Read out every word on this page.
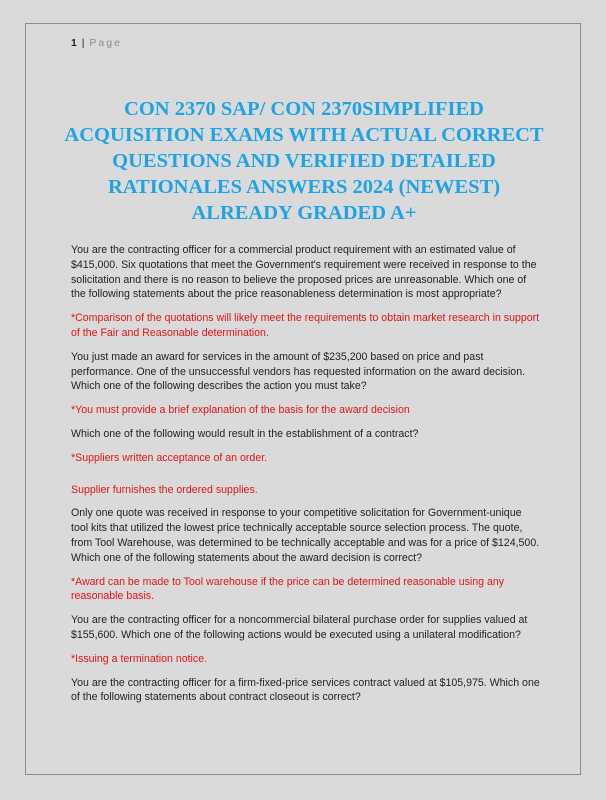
1 | Page
CON 2370 SAP/ CON 2370SIMPLIFIED ACQUISITION EXAMS WITH ACTUAL CORRECT QUESTIONS AND VERIFIED DETAILED RATIONALES ANSWERS 2024 (NEWEST) ALREADY GRADED A+

You are the contracting officer for a commercial product requirement with an estimated value of $415,000. Six quotations that meet the Government's requirement were received in response to the solicitation and there is no reason to believe the proposed prices are unreasonable. Which one of the following statements about the price reasonableness determination is most appropriate?

*Comparison of the quotations will likely meet the requirements to obtain market research in support of the Fair and Reasonable determination.

You just made an award for services in the amount of $235,200 based on price and past performance. One of the unsuccessful vendors has requested information on the award decision. Which one of the following describes the action you must take?

*You must provide a brief explanation of the basis for the award decision

Which one of the following would result in the establishment of a contract?

*Suppliers written acceptance of an order.

Supplier furnishes the ordered supplies.

Only one quote was received in response to your competitive solicitation for Government-unique tool kits that utilized the lowest price technically acceptable source selection process. The quote, from Tool Warehouse, was determined to be technically acceptable and was for a price of $124,500. Which one of the following statements about the award decision is correct?

*Award can be made to Tool warehouse if the price can be determined reasonable using any reasonable basis.

You are the contracting officer for a noncommercial bilateral purchase order for supplies valued at $155,600. Which one of the following actions would be executed using a unilateral modification?

*Issuing a termination notice.

You are the contracting officer for a firm-fixed-price services contract valued at $105,975. Which one of the following statements about contract closeout is correct?
